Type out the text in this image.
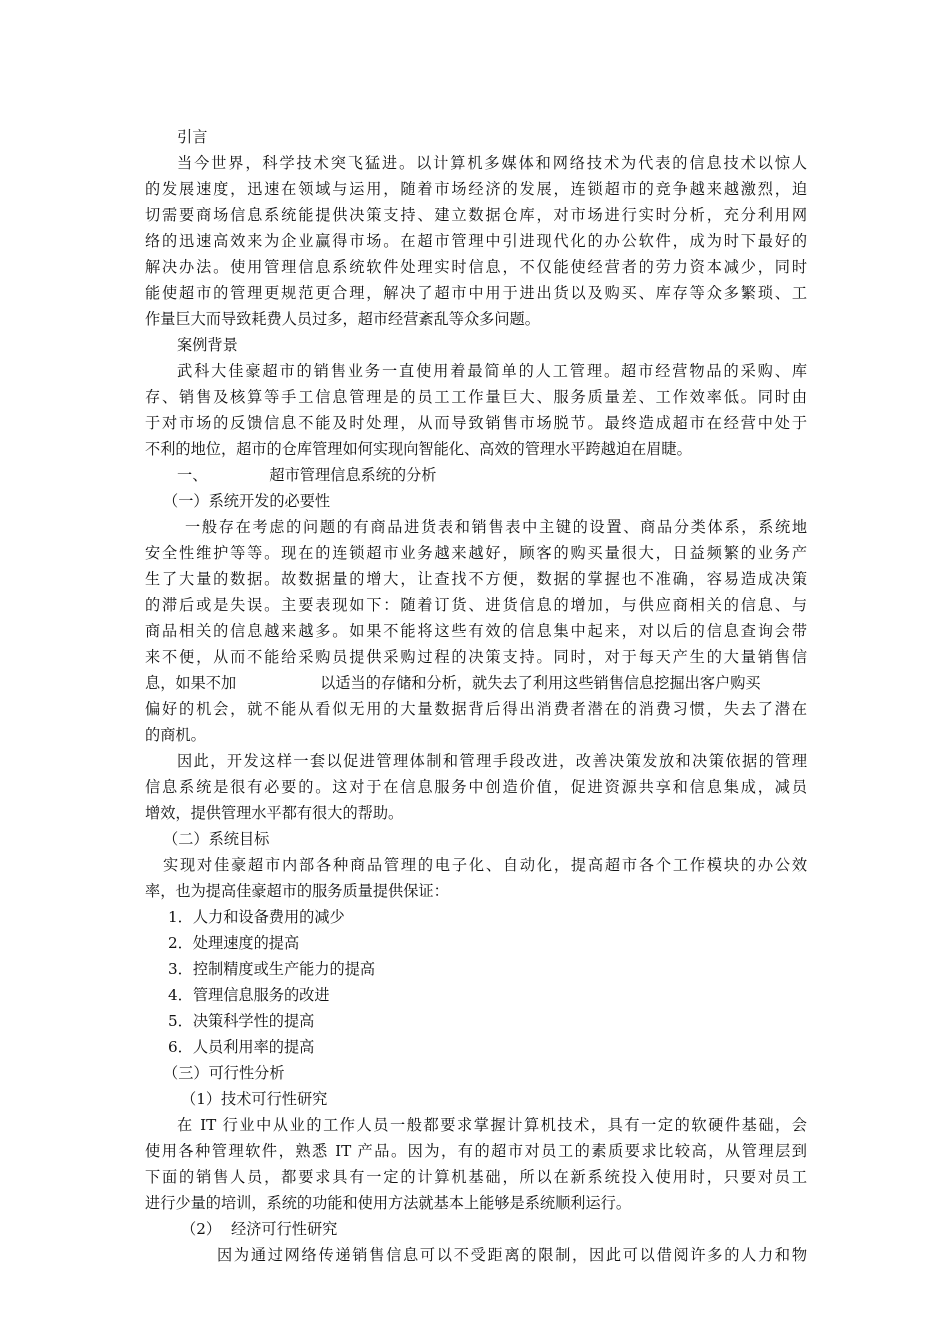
引言
当今世界，科学技术突飞猛进。以计算机多媒体和网络技术为代表的信息技术以惊人
的发展速度，迅速在领域与运用，随着市场经济的发展，连锁超市的竞争越来越激烈，迫
切需要商场信息系统能提供决策支持、建立数据仓库，对市场进行实时分析，充分利用网
络的迅速高效来为企业赢得市场。在超市管理中引进现代化的办公软件，成为时下最好的
解决办法。使用管理信息系统软件处理实时信息，不仅能使经营者的劳力资本减少，同时
能使超市的管理更规范更合理，解决了超市中用于进出货以及购买、库存等众多繁琐、工
作量巨大而导致耗费人员过多，超市经营紊乱等众多问题。
案例背景
武科大佳豪超市的销售业务一直使用着最简单的人工管理。超市经营物品的采购、库
存、销售及核算等手工信息管理是的员工工作量巨大、服务质量差、工作效率低。同时由
于对市场的反馈信息不能及时处理，从而导致销售市场脱节。最终造成超市在经营中处于
不利的地位，超市的仓库管理如何实现向智能化、高效的管理水平跨越迫在眉睫。
一、	超市管理信息系统的分析
（一）系统开发的必要性
一般存在考虑的问题的有商品进货表和销售表中主键的设置、商品分类体系，系统地
安全性维护等等。现在的连锁超市业务越来越好，顾客的购买量很大，日益频繁的业务产
生了大量的数据。故数据量的增大，让查找不方便，数据的掌握也不准确，容易造成决策
的滞后或是失误。主要表现如下：随着订货、进货信息的增加，与供应商相关的信息、与
商品相关的信息越来越多。如果不能将这些有效的信息集中起来，对以后的信息查询会带
来不便，从而不能给采购员提供采购过程的决策支持。同时，对于每天产生的大量销售信
息，如果不加	以适当的存储和分析，就失去了利用这些销售信息挖掘出客户购买
偏好的机会，就不能从看似无用的大量数据背后得出消费者潜在的消费习惯，失去了潜在
的商机。
因此，开发这样一套以促进管理体制和管理手段改进，改善决策发放和决策依据的管理
信息系统是很有必要的。这对于在信息服务中创造价值，促进资源共享和信息集成，减员
增效，提供管理水平都有很大的帮助。
（二）系统目标
实现对佳豪超市内部各种商品管理的电子化、自动化，提高超市各个工作模块的办公效
率，也为提高佳豪超市的服务质量提供保证：
1．人力和设备费用的减少
2．处理速度的提高
3．控制精度或生产能力的提高
4．管理信息服务的改进
5．决策科学性的提高
6．人员利用率的提高
（三）可行性分析
（1）技术可行性研究
在 IT 行业中从业的工作人员一般都要求掌握计算机技术，具有一定的软硬件基础，会
使用各种管理软件，熟悉 IT 产品。因为，有的超市对员工的素质要求比较高，从管理层到
下面的销售人员，都要求具有一定的计算机基础，所以在新系统投入使用时，只要对员工
进行少量的培训，系统的功能和使用方法就基本上能够是系统顺利运行。
（2） 经济可行性研究
因为通过网络传递销售信息可以不受距离的限制，因此可以借阅许多的人力和物
